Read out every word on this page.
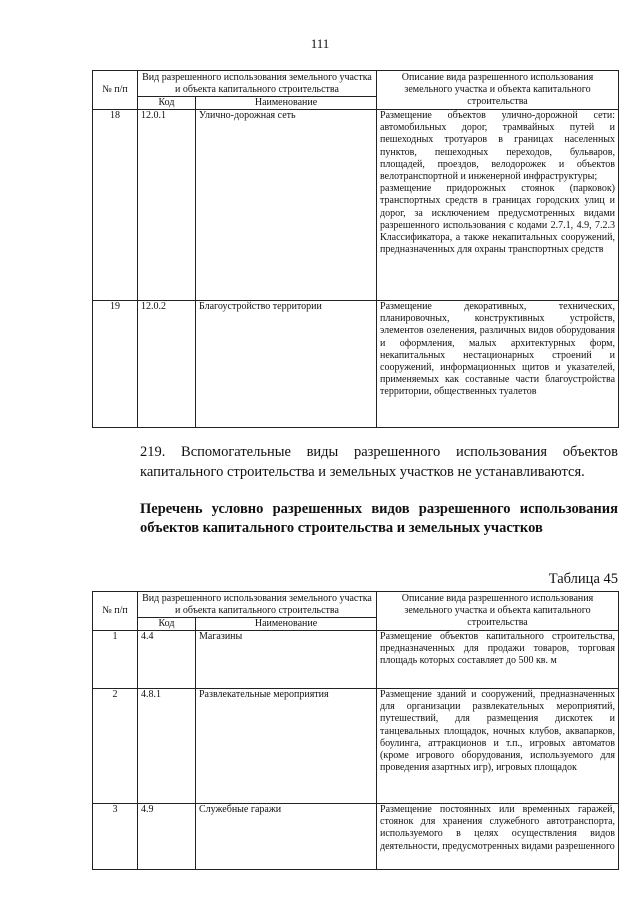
111
№ п/п	Вид разрешенного использования земельного участка и объекта капитального строительства		Описание вида разрешенного использования земельного участка и объекта капитального строительства
	Код	Наименование	
18	12.0.1	Улично-дорожная сеть	Размещение объектов улично-дорожной сети: автомобильных дорог, трамвайных путей и пешеходных тротуаров в границах населенных пунктов, пешеходных переходов, бульваров, площадей, проездов, велодорожек и объектов велотранспортной и инженерной инфраструктуры;

размещение придорожных стоянок (парковок) транспортных средств в границах городских улиц и дорог, за исключением предусмотренных видами разрешенного использования с кодами 2.7.1, 4.9, 7.2.3 Классификатора, а также некапитальных сооружений, предназначенных для охраны транспортных средств

19	12.0.2	Благоустройство территории	Размещение декоративных, технических, планировочных, конструктивных устройств, элементов озеленения, различных видов оборудования и оформления, малых архитектурных форм, некапитальных нестационарных строений и сооружений, информационных щитов и указателей, применяемых как составные части благоустройства территории, общественных туалетов

219. Вспомогательные виды разрешенного использования объектов капитального строительства и земельных участков не устанавливаются.
Перечень условно разрешенных видов разрешенного использования объектов капитального строительства и земельных участков
Таблица 45
№ п/п	Вид разрешенного использования земельного участка и объекта капитального строительства		Описание вида разрешенного использования земельного участка и объекта капитального строительства
	Код	Наименование	
1	4.4	Магазины	Размещение объектов капитального строительства, предназначенных для продажи товаров, торговая площадь которых составляет до 500 кв. м

2	4.8.1	Развлекательные мероприятия	Размещение зданий и сооружений, предназначенных для организации развлекательных мероприятий, путешествий, для размещения дискотек и танцевальных площадок, ночных клубов, аквапарков, боулинга, аттракционов и т.п., игровых автоматов (кроме игрового оборудования, используемого для проведения азартных игр), игровых площадок

3	4.9	Служебные гаражи	Размещение постоянных или временных гаражей, стоянок для хранения служебного автотранспорта, используемого в целях осуществления видов деятельности, предусмотренных видами разрешенного
